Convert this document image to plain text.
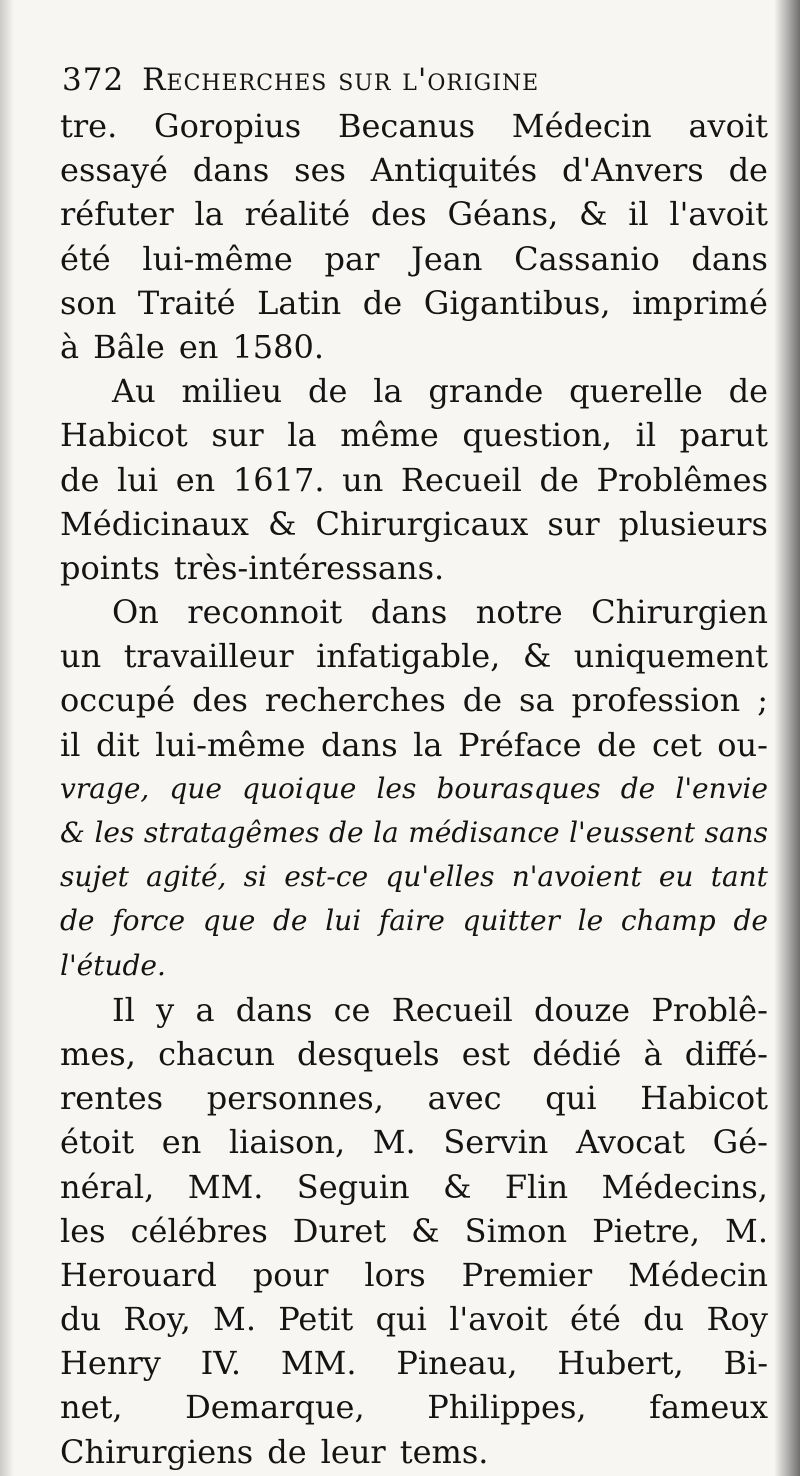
372 Recherches sur l'origine
tre. Goropius Becanus Médecin avoit
essayé dans ses Antiquités d'Anvers de
réfuter la réalité des Géans, & il l'avoit
été lui-même par Jean Cassanio dans
son Traité Latin de Gigantibus, imprimé
à Bâle en 1580.
Au milieu de la grande querelle de
Habicot sur la même question, il parut
de lui en 1617. un Recueil de Problêmes
Médicinaux & Chirurgicaux sur plusieurs
points très-intéressans.
On reconnoit dans notre Chirurgien
un travailleur infatigable, & uniquement
occupé des recherches de sa profession ;
il dit lui-même dans la Préface de cet ou-
vrage, que quoique les bourasques de l'envie
& les stratagêmes de la médisance l'eussent sans
sujet agité, si est-ce qu'elles n'avoient eu tant
de force que de lui faire quitter le champ de
l'étude.
Il y a dans ce Recueil douze Problê-
mes, chacun desquels est dédié à diffé-
rentes personnes, avec qui Habicot
étoit en liaison, M. Servin Avocat Gé-
néral, MM. Seguin & Flin Médecins,
les célébres Duret & Simon Pietre, M.
Herouard pour lors Premier Médecin
du Roy, M. Petit qui l'avoit été du Roy
Henry IV. MM. Pineau, Hubert, Bi-
net, Demarque, Philippes, fameux
Chirurgiens de leur tems.
